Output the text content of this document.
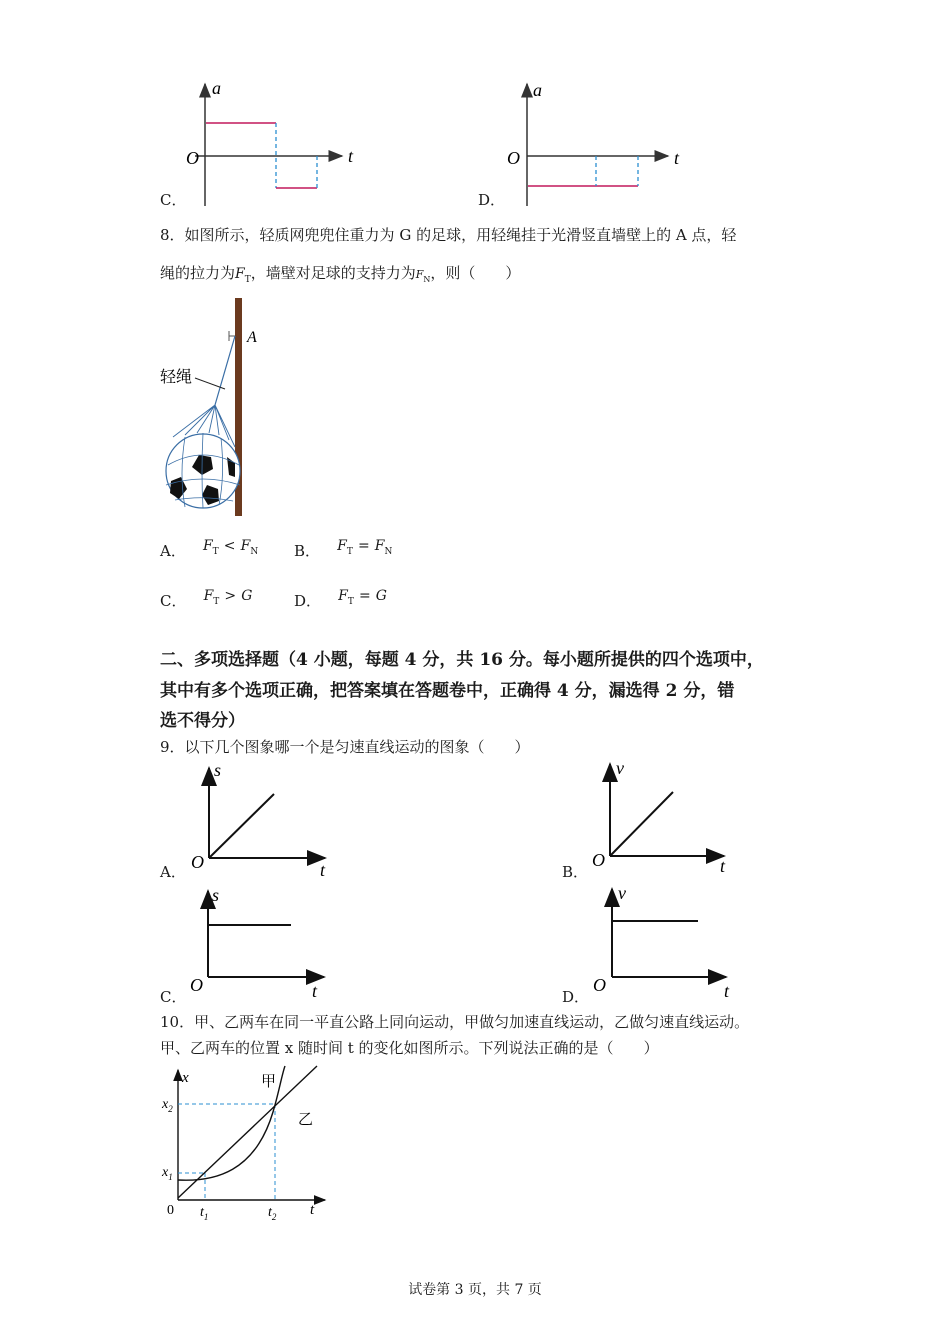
C．
a
t
O
D．
a
t
O
8．如图所示，轻质网兜兜住重力为 G 的足球，用轻绳挂于光滑竖直墙壁上的 A 点，轻
绳的拉力为$F_T$，墙壁对足球的支持力为$F_N$，则（　　）
A
轻绳
A． $F_T < F_N$ B． $F_T = F_N$
C． $F_T > G$	D． $F_T = G$
二、多项选择题（4 小题，每题 4 分，共 16 分。每小题所提供的四个选项中，
其中有多个选项正确，把答案填在答题卷中，正确得 4 分，漏选得 2 分，错
选不得分）
9．以下几个图象哪一个是匀速直线运动的图象（　　）
A．
s
t
O	B．
v
t
O
C．
s
t
O
D．
v
t
O
10．甲、乙两车在同一平直公路上同向运动，甲做匀加速直线运动，乙做匀速直线运动。
甲、乙两车的位置 x 随时间 t 的变化如图所示。下列说法正确的是（　　）
x
t
0
甲
乙
$x_2$
$x_1$
$t_1$	$t_2$
试卷第 3 页，共 7 页
